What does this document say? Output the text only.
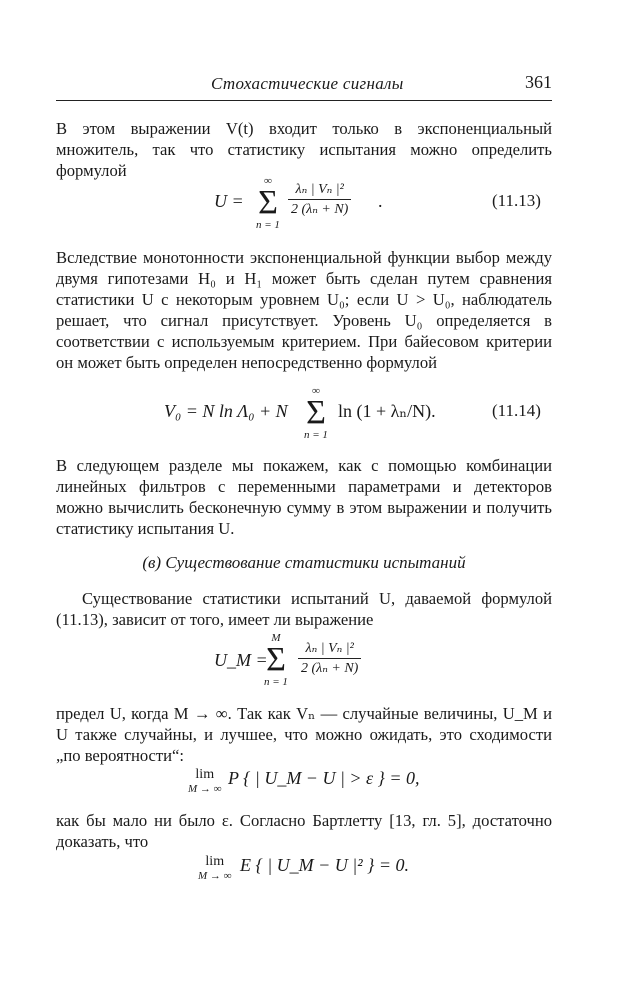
Стохастические сигналы	361

В этом выражении V(t) входит только в экспоненциальный множитель, так что статистику испытания можно определить формулой

U =
∞
Σ
n = 1
$\frac{\text{λₙ | Vₙ |²}}{\text{2 (λₙ + N)}}$ .	(11.13)

Вследствие монотонности экспоненциальной функции выбор между двумя гипотезами H₀ и H₁ может быть сделан путем сравнения статистики U с некоторым уровнем U₀; если U > U₀, наблюдатель решает, что сигнал присутствует. Уровень U₀ определяется в соответствии с используемым критерием. При байесовом критерии он может быть определен непосредственно формулой

V₀ = N ln Λ₀ + N
∞
Σ
n = 1
ln (1 + λₙ/N).	(11.14)

В следующем разделе мы покажем, как с помощью комбинации линейных фильтров с переменными параметрами и детекторов можно вычислить бесконечную сумму в этом выражении и получить статистику испытания U.

(в) Существование статистики испытаний

Существование статистики испытаний U, даваемой формулой (11.13), зависит от того, имеет ли выражение

U_M =
M
Σ
n = 1
$\frac{\text{λₙ | Vₙ |²}}{\text{2 (λₙ + N)}}$

предел U, когда M → ∞. Так как Vₙ — случайные величины, U_M и U также случайны, и лучшее, что можно ожидать, это сходимости „по вероятности“:

lim
M → ∞
P { | U_M − U | > ε } = 0,

как бы мало ни было ε. Согласно Бартлетту [13, гл. 5], достаточно доказать, что

lim
M → ∞
E { | U_M − U |² } = 0.
